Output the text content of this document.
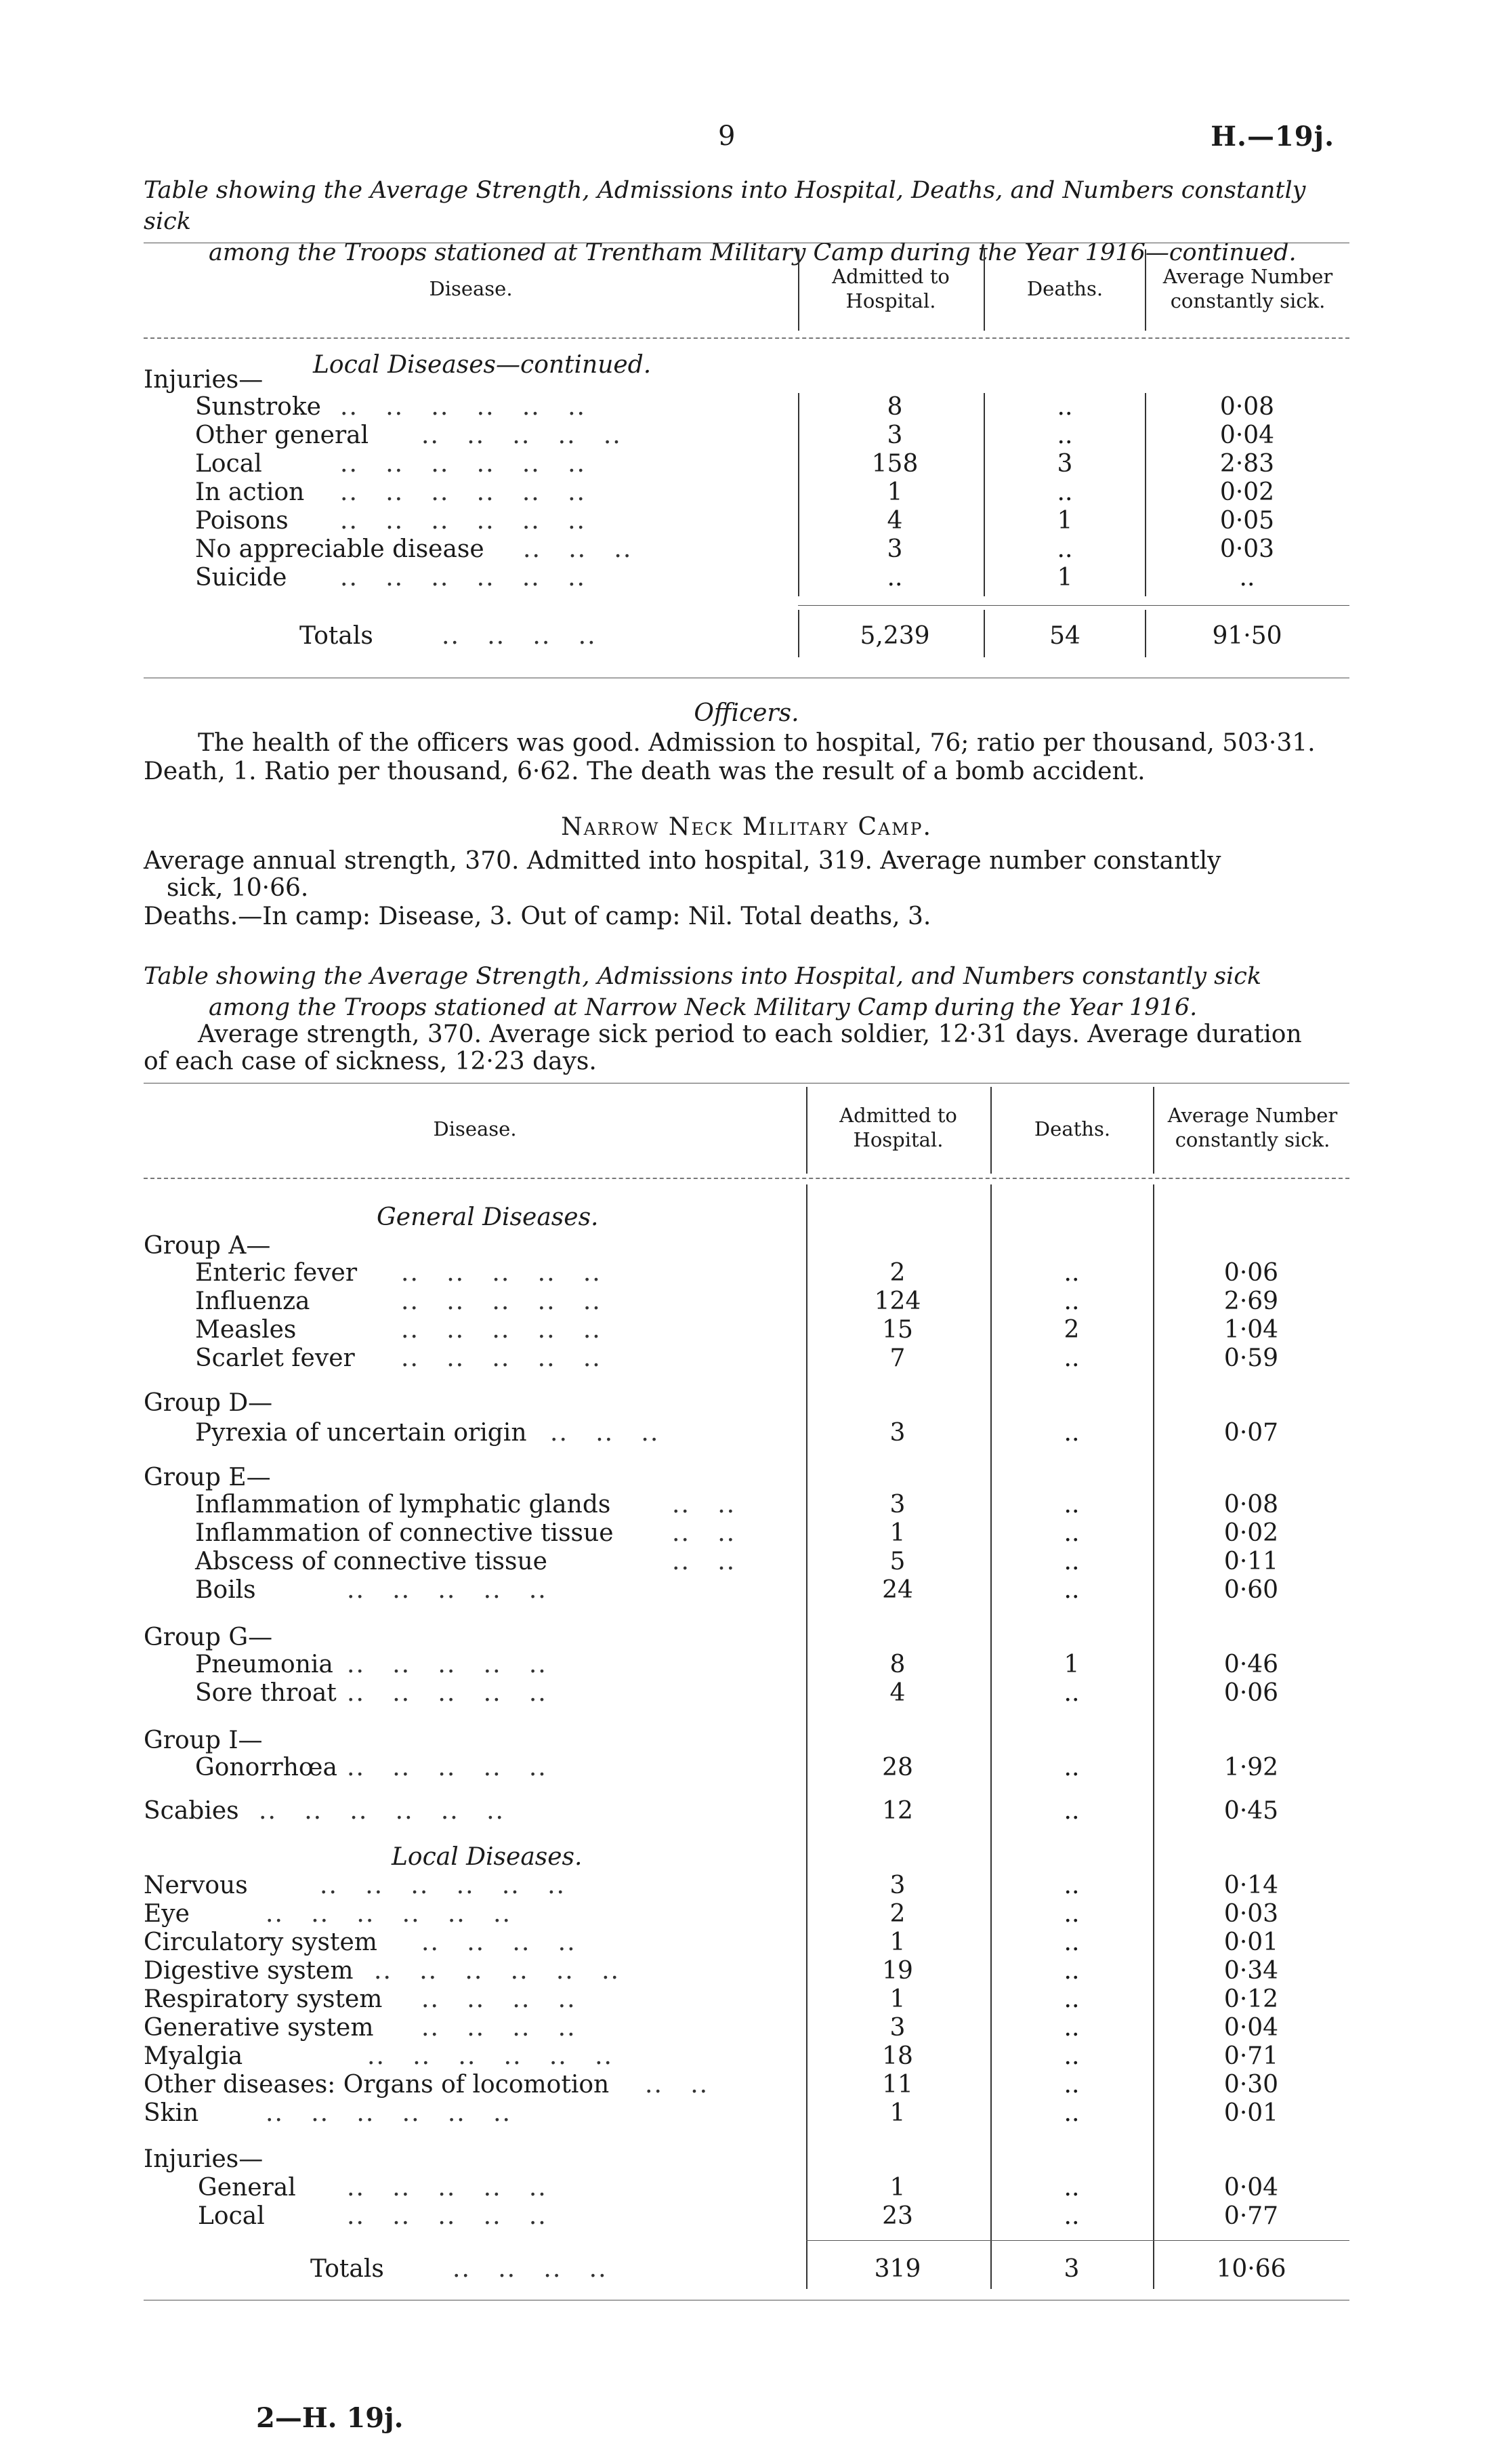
9	H.—19j.
Table showing the Average Strength, Admissions into Hospital, Deaths, and Numbers constantly sick
among the Troops stationed at Trentham Military Camp during the Year 1916—continued.
Disease.
Admitted to Hospital.
Deaths.
Average Number constantly sick.
Local Diseases—continued.
Injuries—
Sunstroke ..   ..   ..   ..   ..   ..	8	..	0·08
Other general ..   ..   ..   ..   ..	3	..	0·04
Local	..   ..   ..   ..   ..   ..	158	3	2·83
In action ..   ..   ..   ..   ..   ..	1	..	0·02
Poisons ..   ..   ..   ..   ..   ..	4	1	0·05
No appreciable disease ..   ..   ..	3	..	0·03
Suicide ..   ..   ..   ..   ..   ..	..	1	..
Totals	..   ..   ..   ..	5,239	54	91·50
Officers.
The health of the officers was good. Admission to hospital, 76; ratio per thousand, 503·31.
Death, 1. Ratio per thousand, 6·62. The death was the result of a bomb accident.
Narrow Neck Military Camp.
Average annual strength, 370. Admitted into hospital, 319. Average number constantly
sick, 10·66.
Deaths.—In camp: Disease, 3. Out of camp: Nil. Total deaths, 3.
Table showing the Average Strength, Admissions into Hospital, and Numbers constantly sick
among the Troops stationed at Narrow Neck Military Camp during the Year 1916.
Average strength, 370. Average sick period to each soldier, 12·31 days. Average duration
of each case of sickness, 12·23 days.
Disease.
Admitted to Hospital.	Deaths.
Average Number constantly sick.
General Diseases.
Group A—
Enteric fever ..   ..   ..   ..   ..	2	..	0·06
Influenza	..   ..   ..   ..   ..	124	..	2·69
Measles	..   ..   ..   ..   ..	15	2	1·04
Scarlet fever ..   ..   ..   ..   ..	7	..	0·59
Group D—
Pyrexia of uncertain origin ..   ..   ..	3	..	0·07
Group E—
Inflammation of lymphatic glands	..   ..	3	..	0·08
Inflammation of connective tissue ..   ..	1	..	0·02
Abscess of connective tissue	..   ..	5	..	0·11
Boils	..   ..   ..   ..   ..	24	..	0·60
Group G—
Pneumonia ..   ..   ..   ..   ..	8	1	0·46
Sore throat ..   ..   ..   ..   ..	4	..	0·06
Group I—
Gonorrhœa ..   ..   ..   ..   ..	28	..	1·92
Scabies ..   ..   ..   ..   ..   ..	12	..	0·45
Nervous	..   ..   ..   ..   ..   ..	3	..	0·14
Eye	..   ..   ..   ..   ..   ..	2	..	0·03
Circulatory system ..   ..   ..   ..	1	..	0·01
Digestive system ..   ..   ..   ..   ..   ..	19	..	0·34
Respiratory system ..   ..   ..   ..	1	..	0·12
Generative system ..   ..   ..   ..	3	..	0·04
Myalgia	..   ..   ..   ..   ..   ..	18	..	0·71
Other diseases: Organs of locomotion ..   ..	11	..	0·30
Skin	..   ..   ..   ..   ..   ..	1	..	0·01
Injuries—
General ..   ..   ..   ..   ..	1	..	0·04
Local	..   ..   ..   ..   ..	23	..	0·77
Local Diseases.
Totals	..   ..   ..   ..	319	3	10·66
2—H. 19j.
